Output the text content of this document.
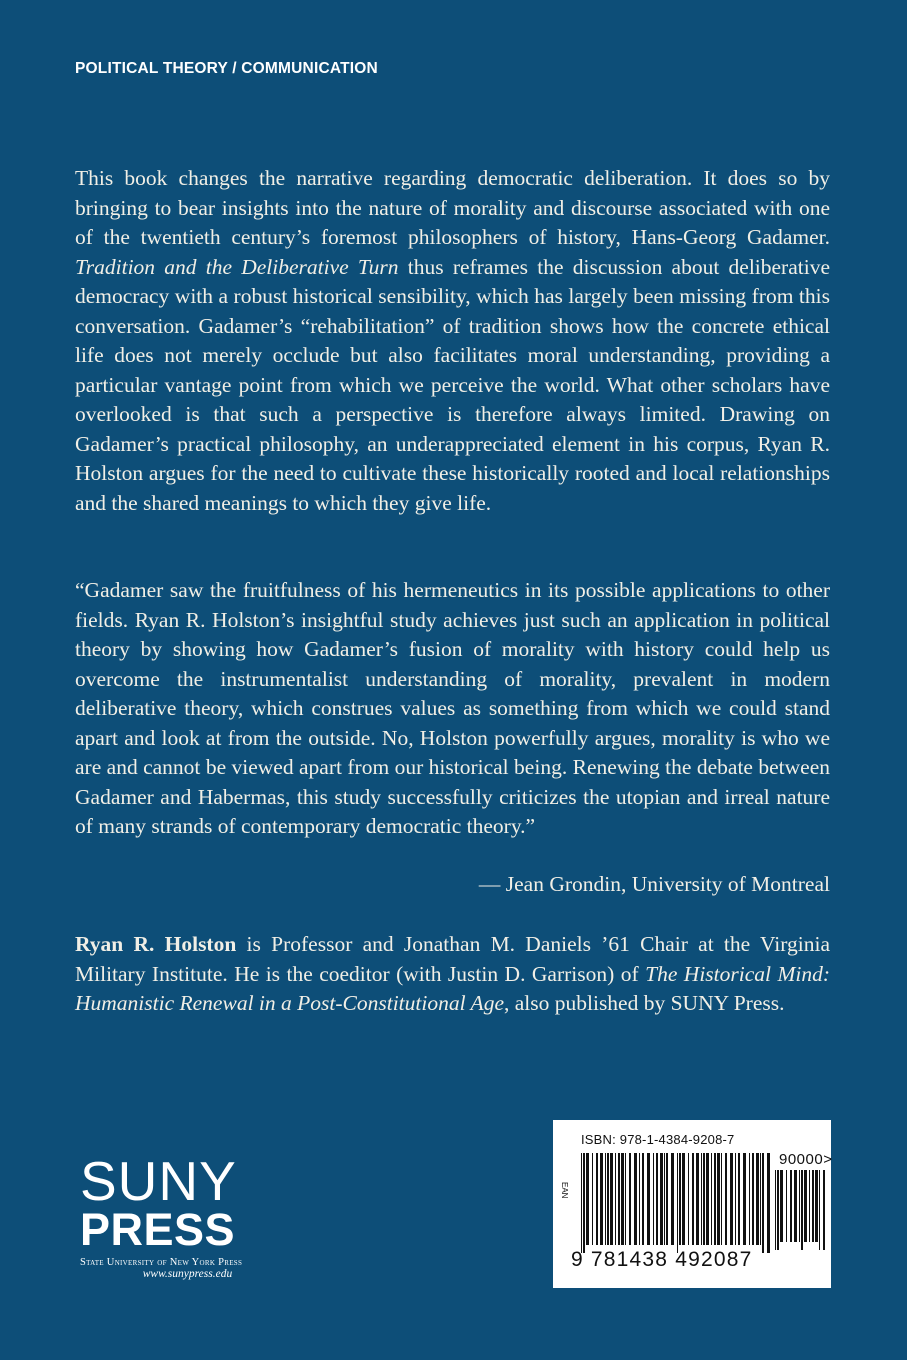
POLITICAL THEORY / COMMUNICATION

This book changes the narrative regarding democratic deliberation. It does so by bringing to bear insights into the nature of morality and discourse associated with one of the twentieth century’s foremost philosophers of history, Hans-Georg Gadamer. Tradition and the Deliberative Turn thus reframes the discussion about deliberative democracy with a robust historical sensibility, which has largely been missing from this conversation. Gadamer’s “rehabilitation” of tradition shows how the concrete ethical life does not merely occlude but also facilitates moral understanding, providing a particular vantage point from which we perceive the world. What other scholars have overlooked is that such a perspective is therefore always limited. Drawing on Gadamer’s practical philosophy, an underappreciated element in his corpus, Ryan R. Holston argues for the need to cultivate these historically rooted and local relationships and the shared meanings to which they give life.

“Gadamer saw the fruitfulness of his hermeneutics in its possible applications to other fields. Ryan R. Holston’s insightful study achieves just such an application in political theory by showing how Gadamer’s fusion of morality with history could help us overcome the instrumentalist understanding of morality, prevalent in modern deliberative theory, which construes values as something from which we could stand apart and look at from the outside. No, Holston powerfully argues, morality is who we are and cannot be viewed apart from our historical being. Renewing the debate between Gadamer and Habermas, this study successfully criticizes the utopian and irreal nature of many strands of contemporary democratic theory.”

— Jean Grondin, University of Montreal

Ryan R. Holston is Professor and Jonathan M. Daniels ’61 Chair at the Virginia Military Institute. He is the coeditor (with Justin D. Garrison) of The Historical Mind: Humanistic Renewal in a Post-Constitutional Age, also published by SUNY Press.

SUNY
PRESS
State University of New York Press
www.sunypress.edu
ISBN: 978-1-4384-9208-7
EAN
90000>
9 781438 492087
